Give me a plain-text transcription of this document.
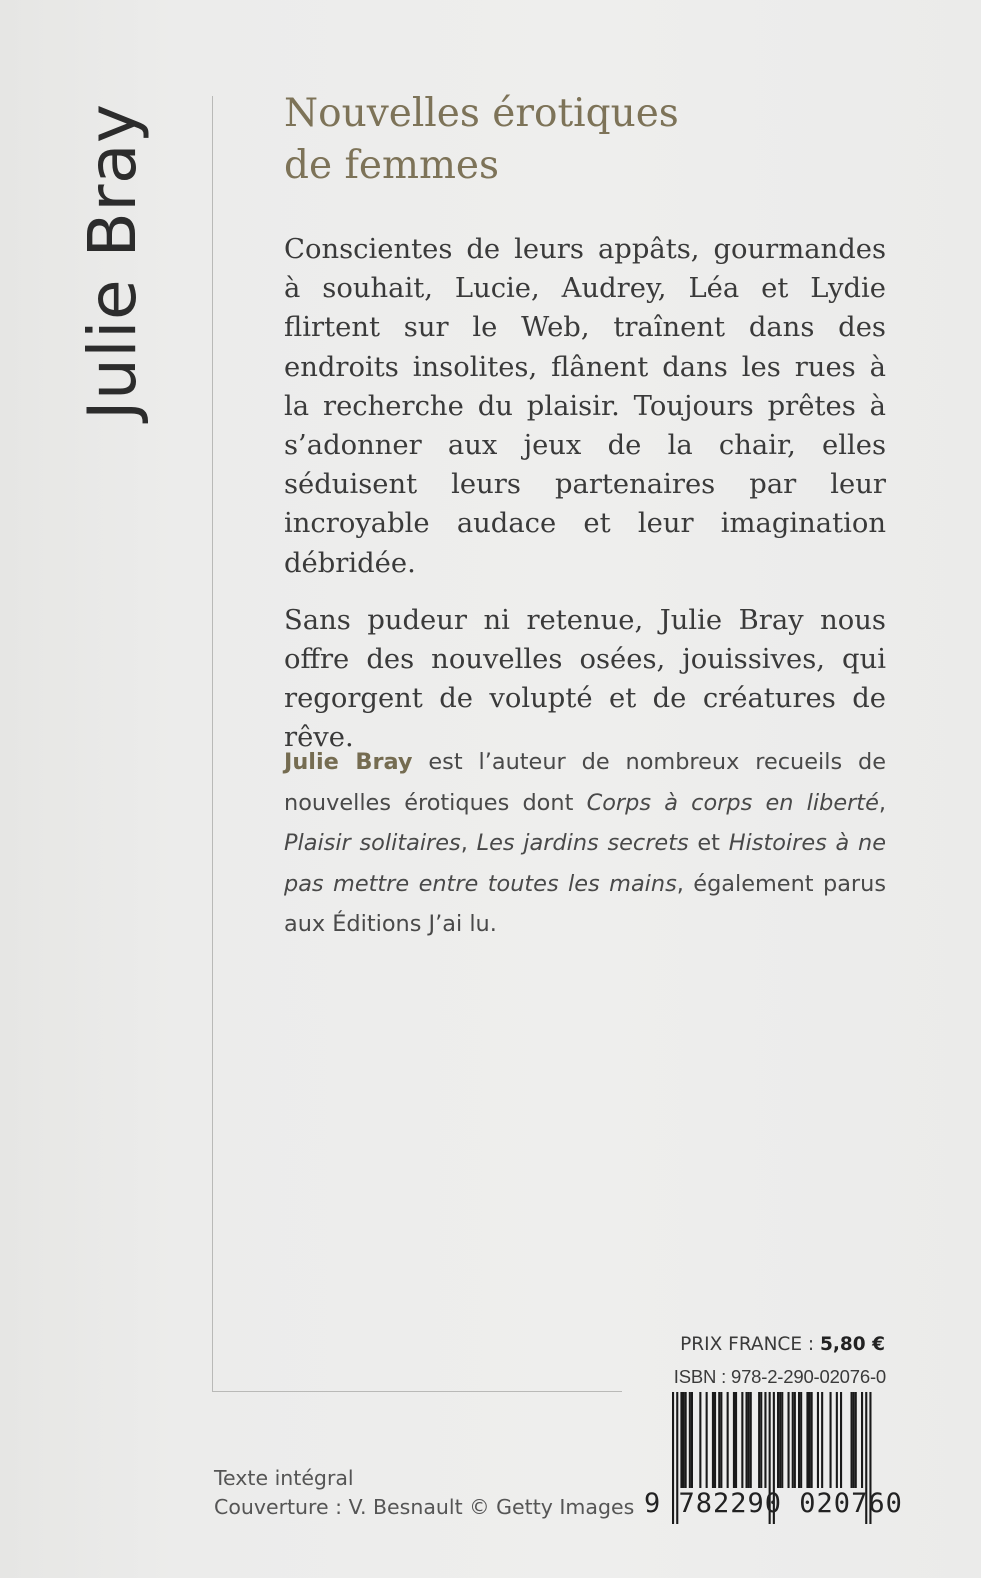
Julie Bray	Nouvelles érotiques
de femmes

Conscientes de leurs appâts, gourmandes à souhait, Lucie, Audrey, Léa et Lydie flirtent sur le Web, traînent dans des endroits insolites, flânent dans les rues à la recherche du plaisir. Toujours prêtes à s’adonner aux jeux de la chair, elles séduisent leurs partenaires par leur incroyable audace et leur imagination débridée.

Sans pudeur ni retenue, Julie Bray nous offre des nouvelles osées, jouissives, qui regorgent de volupté et de créatures de rêve.

Julie Bray est l’auteur de nombreux recueils de nouvelles érotiques dont Corps à corps en liberté, Plaisir solitaires, Les jardins secrets et Histoires à ne pas mettre entre toutes les mains, également parus aux Éditions J’ai lu.

PRIX FRANCE : 5,80 €
ISBN : 978-2-290-02076-0
9 782290 020760
Texte intégral
Couverture : V. Besnault © Getty Images
